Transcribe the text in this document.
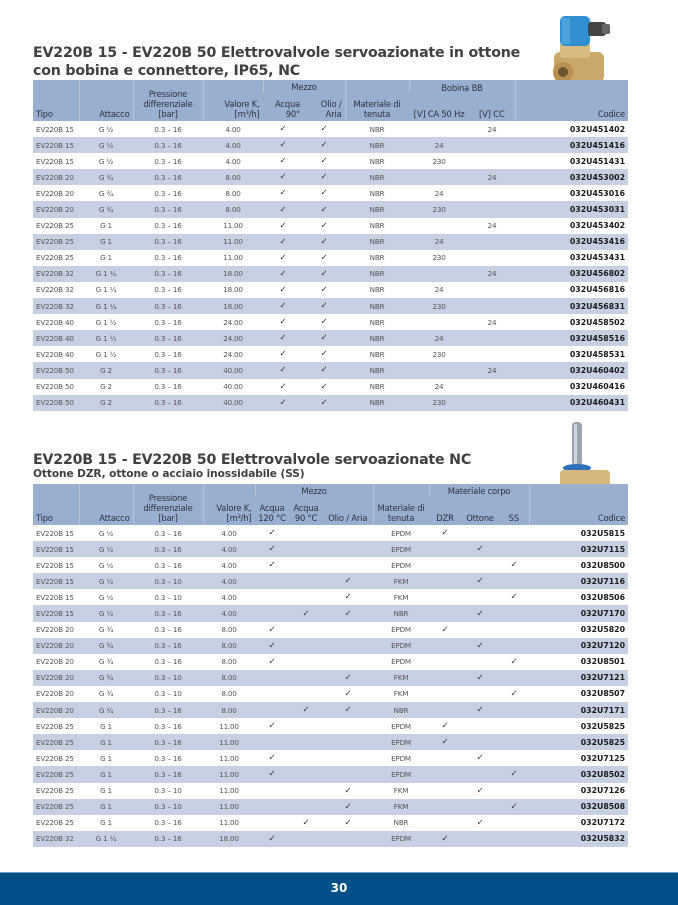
EV220B 15 - EV220B 50 Elettrovalvole servoazionate in ottone
con bobina e connettore, IP65, NC
Tipo	Attacco	Pressione
differenziale
[bar]	Valore K,
[m³/h]	Mezzo		Materiale di
tenuta	Bobina BB		Codice
				Acqua
90°	Olio /
Aria		[V] CA 50 Hz	[V] CC	
EV220B 15	G ½	0.3 – 16	4.00	✓	✓	NBR		24	032U451402
EV220B 15	G ½	0.3 – 16	4.00	✓	✓	NBR	24		032U451416
EV220B 15	G ½	0.3 – 16	4.00	✓	✓	NBR	230		032U451431
EV220B 20	G ¾	0.3 – 16	8.00	✓	✓	NBR		24	032U453002
EV220B 20	G ¾	0.3 – 16	8.00	✓	✓	NBR	24		032U453016
EV220B 20	G ¾	0.3 – 16	8.00	✓	✓	NBR	230		032U453031
EV220B 25	G 1	0.3 – 16	11.00	✓	✓	NBR		24	032U453402
EV220B 25	G 1	0.3 – 16	11.00	✓	✓	NBR	24		032U453416
EV220B 25	G 1	0.3 – 16	11.00	✓	✓	NBR	230		032U453431
EV220B 32	G 1 ¼	0.3 – 16	18.00	✓	✓	NBR		24	032U456802
EV220B 32	G 1 ¼	0.3 – 16	18.00	✓	✓	NBR	24		032U456816
EV220B 32	G 1 ¼	0.3 – 16	18.00	✓	✓	NBR	230		032U456831
EV220B 40	G 1 ½	0.3 – 16	24.00	✓	✓	NBR		24	032U458502
EV220B 40	G 1 ½	0.3 – 16	24.00	✓	✓	NBR	24		032U458516
EV220B 40	G 1 ½	0.3 – 16	24.00	✓	✓	NBR	230		032U458531
EV220B 50	G 2	0.3 – 16	40.00	✓	✓	NBR		24	032U460402
EV220B 50	G 2	0.3 – 16	40.00	✓	✓	NBR	24		032U460416
EV220B 50	G 2	0.3 – 16	40.00	✓	✓	NBR	230		032U460431
EV220B 15 - EV220B 50 Elettrovalvole servoazionate NC
Ottone DZR, ottone o acciaio inossidabile (SS)
Tipo	Attacco	Pressione
differenziale
[bar]	Valore K,
[m³/h]	Mezzo			Materiale di
tenuta	Materiale corpo			Codice
				Acqua
120 °C	Acqua
90 °C	Olio / Aria		DZR	Ottone	SS	
EV220B 15	G ½	0.3 – 16	4.00	✓			EPDM	✓			032U5815
EV220B 15	G ½	0.3 – 16	4.00	✓			EPDM		✓		032U7115
EV220B 15	G ½	0.3 – 16	4.00	✓			EPDM			✓	032U8500
EV220B 15	G ½	0.3 – 10	4.00			✓	FKM		✓		032U7116
EV220B 15	G ½	0.3 – 10	4.00			✓	FKM			✓	032U8506
EV220B 15	G ½	0.3 – 16	4.00		✓	✓	NBR		✓		032U7170
EV220B 20	G ¾	0.3 – 16	8.00	✓			EPDM	✓			032U5820
EV220B 20	G ¾	0.3 – 16	8.00	✓			EPDM		✓		032U7120
EV220B 20	G ¾	0.3 – 16	8.00	✓			EPDM			✓	032U8501
EV220B 20	G ¾	0.3 – 10	8.00			✓	FKM		✓		032U7121
EV220B 20	G ¾	0.3 – 10	8.00			✓	FKM			✓	032U8507
EV220B 20	G ¾	0.3 – 16	8.00		✓	✓	NBR		✓		032U7171
EV220B 25	G 1	0.3 – 16	11.00	✓			EPDM	✓			032U5825
EV220B 25	G 1	0.3 – 16	11.00				EPDM	✓			032U5825
EV220B 25	G 1	0.3 – 16	11.00	✓			EPDM		✓		032U7125
EV220B 25	G 1	0.3 – 16	11.00	✓			EPDM			✓	032U8502
EV220B 25	G 1	0.3 – 10	11.00			✓	FKM		✓		032U7126
EV220B 25	G 1	0.3 – 10	11.00			✓	FKM			✓	032U8508
EV220B 25	G 1	0.3 – 16	11.00		✓	✓	NBR		✓		032U7172
EV220B 32	G 1 ¼	0.3 – 16	18.00	✓			EPDM	✓			032U5832
30
